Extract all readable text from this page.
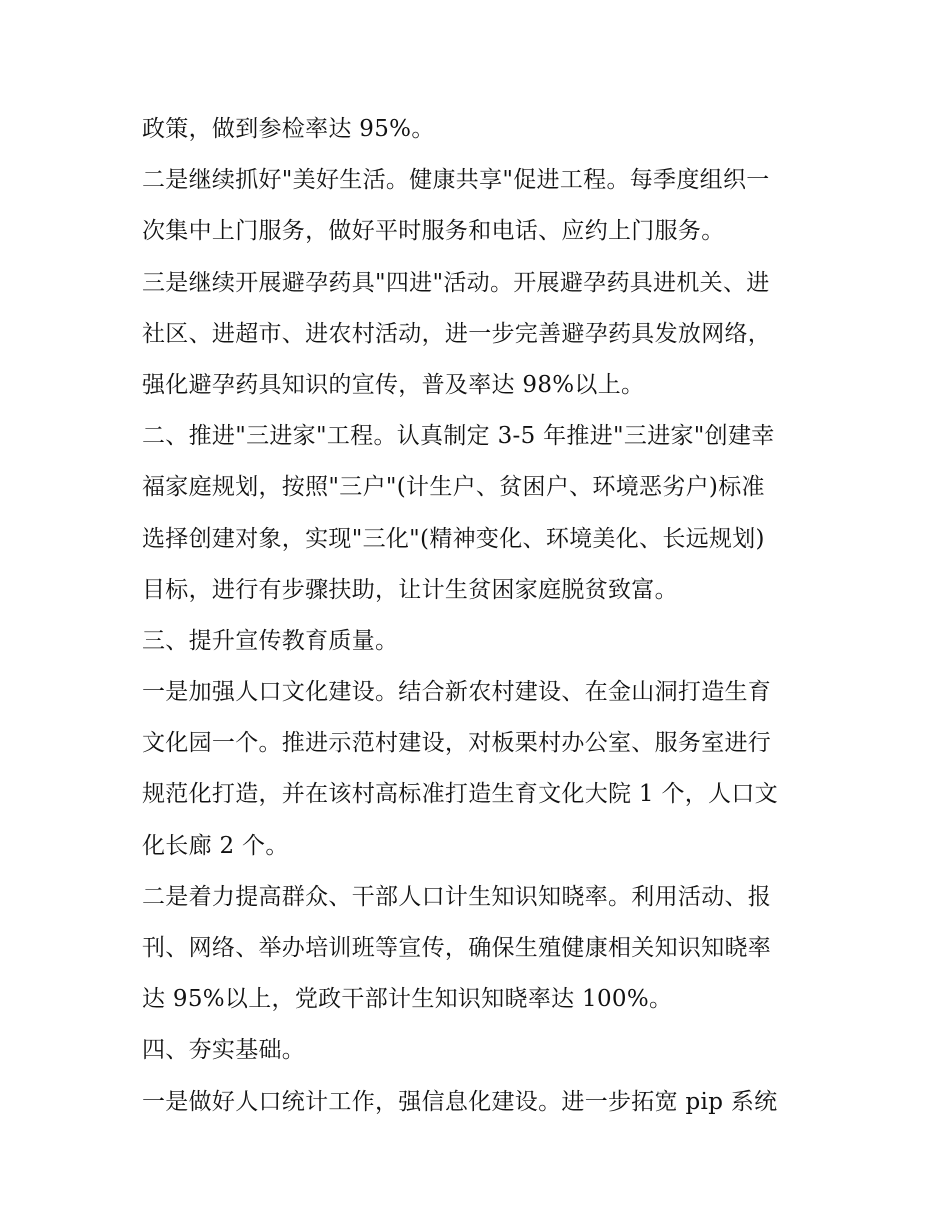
政策，做到参检率达 95%。
二是继续抓好"美好生活。健康共享"促进工程。每季度组织一
次集中上门服务，做好平时服务和电话、应约上门服务。
三是继续开展避孕药具"四进"活动。开展避孕药具进机关、进
社区、进超市、进农村活动，进一步完善避孕药具发放网络，
强化避孕药具知识的宣传，普及率达 98%以上。
二、推进"三进家"工程。认真制定 3-5 年推进"三进家"创建幸
福家庭规划，按照"三户"(计生户、贫困户、环境恶劣户)标准
选择创建对象，实现"三化"(精神变化、环境美化、长远规划)
目标，进行有步骤扶助，让计生贫困家庭脱贫致富。
三、提升宣传教育质量。
一是加强人口文化建设。结合新农村建设、在金山洞打造生育
文化园一个。推进示范村建设，对板栗村办公室、服务室进行
规范化打造，并在该村高标准打造生育文化大院 1 个，人口文
化长廊 2 个。
二是着力提高群众、干部人口计生知识知晓率。利用活动、报
刊、网络、举办培训班等宣传，确保生殖健康相关知识知晓率
达 95%以上，党政干部计生知识知晓率达 100%。
四、夯实基础。
一是做好人口统计工作，强信息化建设。进一步拓宽 pip 系统
